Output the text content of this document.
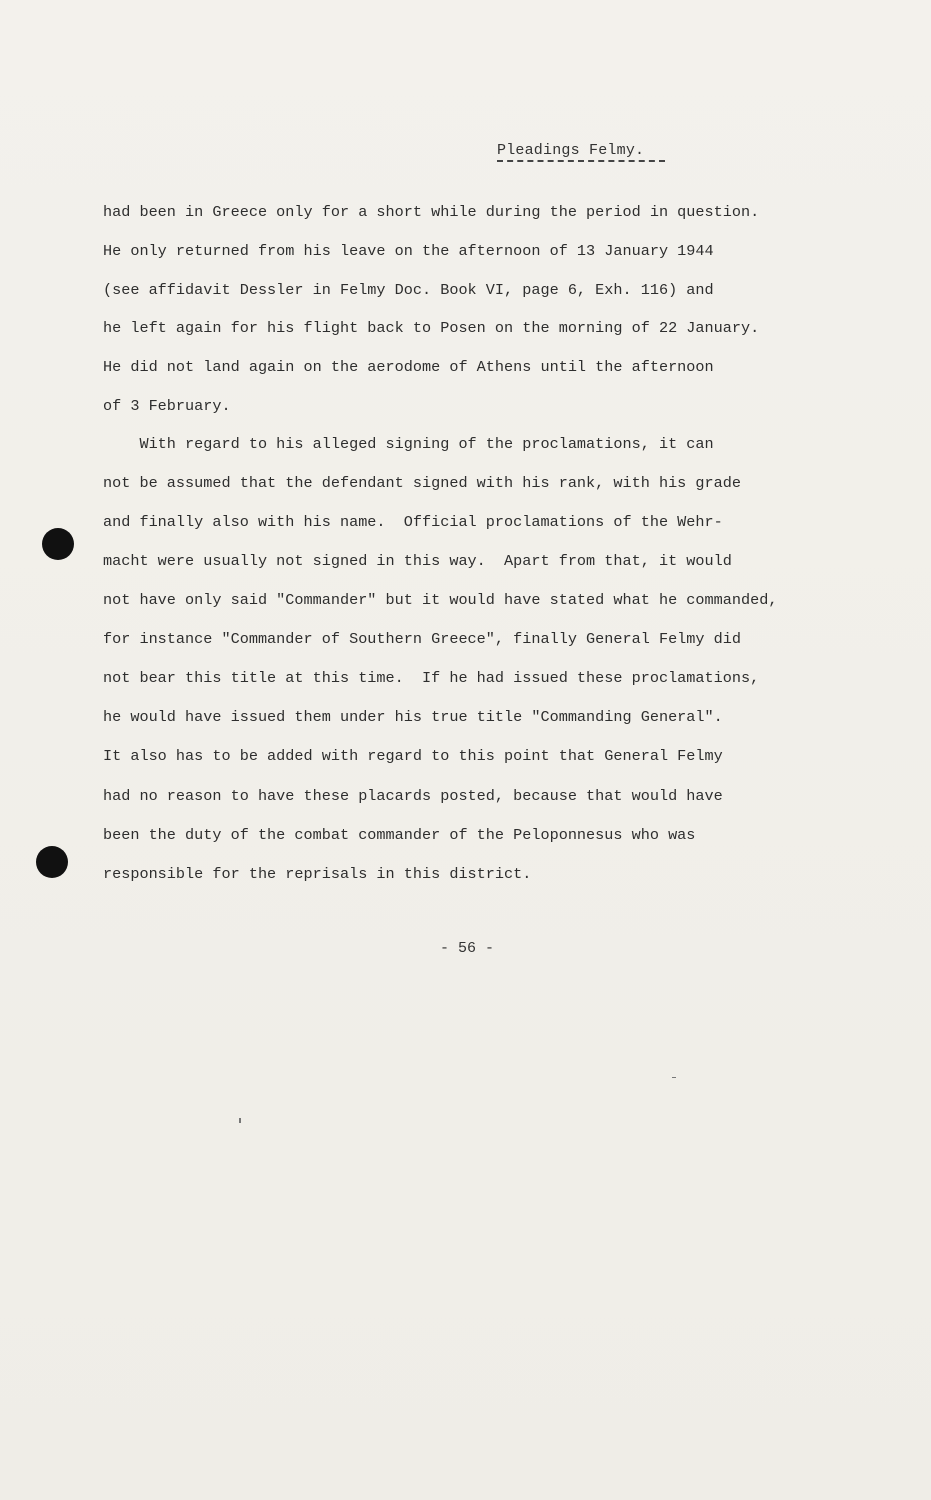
Pleadings Felmy.
had been in Greece only for a short while during the period in question.
He only returned from his leave on the afternoon of 13 January 1944
(see affidavit Dessler in Felmy Doc. Book VI, page 6, Exh. 116) and
he left again for his flight back to Posen on the morning of 22 January.
He did not land again on the aerodome of Athens until the afternoon
of 3 February.
With regard to his alleged signing of the proclamations, it can
not be assumed that the defendant signed with his rank, with his grade
and finally also with his name.  Official proclamations of the Wehr-
macht were usually not signed in this way.  Apart from that, it would
not have only said "Commander" but it would have stated what he commanded,
for instance "Commander of Southern Greece", finally General Felmy did
not bear this title at this time.  If he had issued these proclamations,
he would have issued them under his true title "Commanding General".
It also has to be added with regard to this point that General Felmy
had no reason to have these placards posted, because that would have
been the duty of the combat commander of the Peloponnesus who was
responsible for the reprisals in this district.
- 56 -
